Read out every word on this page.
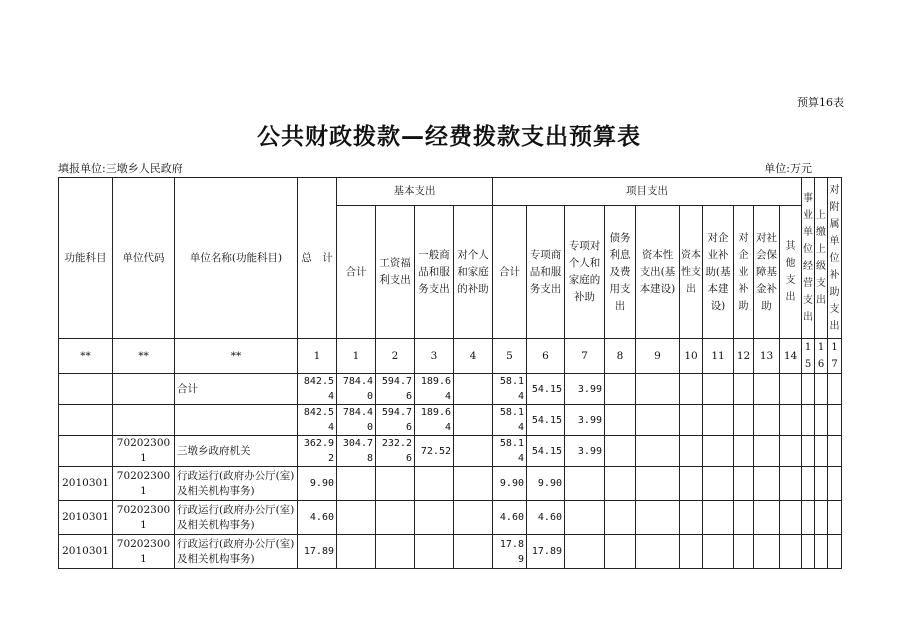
预算16表
公共财政拨款—经费拨款支出预算表
填报单位:三墩乡人民政府	单位:万元
功能科目	单位代码	单位名称(功能科目)	总　计	基本支出				项目支出										事业单位经营支出	上缴上级支出	对附属单位补助支出
				合计	工资福利支出	一般商品和服务支出	对个人和家庭的补助	合计	专项商品和服务支出	专项对个人和家庭的补助	债务利息及费用支出	资本性支出(基本建设)	资本性支出	对企业补助(基本建设)	对企业补助	对社会保障基金补助	其他支出			
**	**	**	1	1	2	3	4	5	6	7	8	9	10	11	12	13	14	15	16	17
		合计	842.54	784.40	594.76	189.64		58.14	54.15	3.99										
			842.54	784.40	594.76	189.64		58.14	54.15	3.99										
	702023001	三墩乡政府机关	362.92	304.78	232.26	72.52		58.14	54.15	3.99										
2010301	702023001	行政运行(政府办公厅(室)及相关机构事务)	9.90					9.90	9.90											
2010301	702023001	行政运行(政府办公厅(室)及相关机构事务)	4.60					4.60	4.60											
2010301	702023001	行政运行(政府办公厅(室)及相关机构事务)	17.89					17.89	17.89											
